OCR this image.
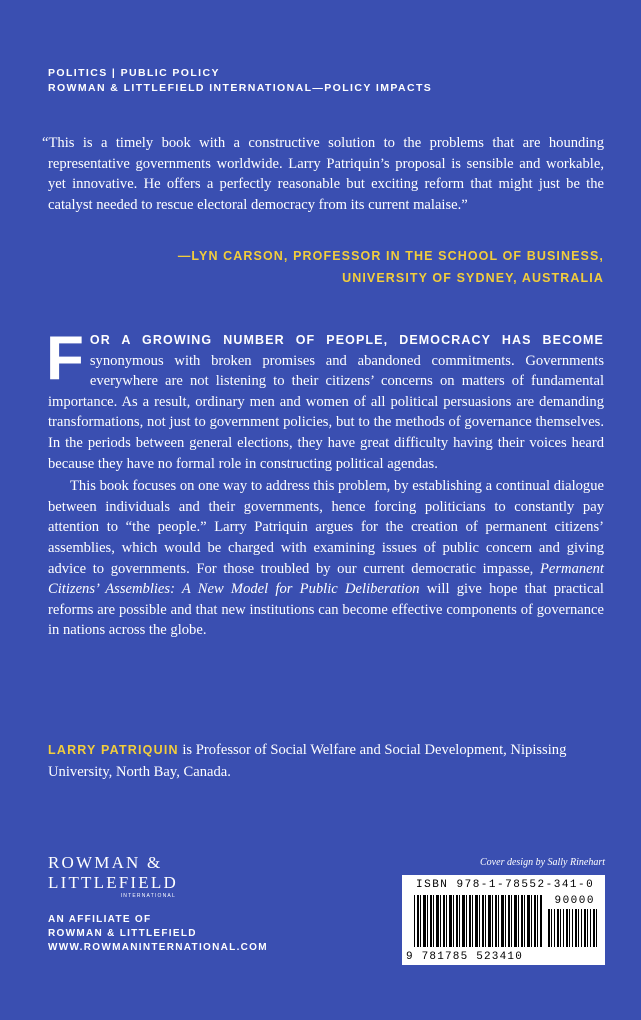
POLITICS | PUBLIC POLICY
ROWMAN & LITTLEFIELD INTERNATIONAL—POLICY IMPACTS
“This is a timely book with a constructive solution to the problems that are hounding representative governments worldwide. Larry Patriquin’s proposal is sensible and workable, yet innovative. He offers a perfectly reasonable but exciting reform that might just be the catalyst needed to rescue electoral democracy from its current malaise.”
—LYN CARSON, PROFESSOR IN THE SCHOOL OF BUSINESS,
UNIVERSITY OF SYDNEY, AUSTRALIA

FOR A GROWING NUMBER OF PEOPLE, DEMOCRACY HAS BECOME synonymous with broken promises and abandoned commitments. Governments everywhere are not listening to their citizens’ concerns on matters of fundamental importance. As a result, ordinary men and women of all political persuasions are demanding transformations, not just to government policies, but to the methods of governance themselves. In the periods between general elections, they have great difficulty having their voices heard because they have no formal role in constructing political agendas.

This book focuses on one way to address this problem, by establishing a continual dialogue between individuals and their governments, hence forcing politicians to constantly pay attention to “the people.” Larry Patriquin argues for the creation of permanent citizens’ assemblies, which would be charged with examining issues of public concern and giving advice to governments. For those troubled by our current democratic impasse, Permanent Citizens’ Assemblies: A New Model for Public Deliberation will give hope that practical reforms are possible and that new institutions can become effective components of governance in nations across the globe.

LARRY PATRIQUIN is Professor of Social Welfare and Social Development, Nipissing University, North Bay, Canada.
ROWMAN &
LITTLEFIELD
INTERNATIONAL
AN AFFILIATE OF
ROWMAN & LITTLEFIELD
WWW.ROWMANINTERNATIONAL.COM
Cover design by Sally Rinehart
ISBN 978-1-78552-341-0
90000
9 781785 523410
